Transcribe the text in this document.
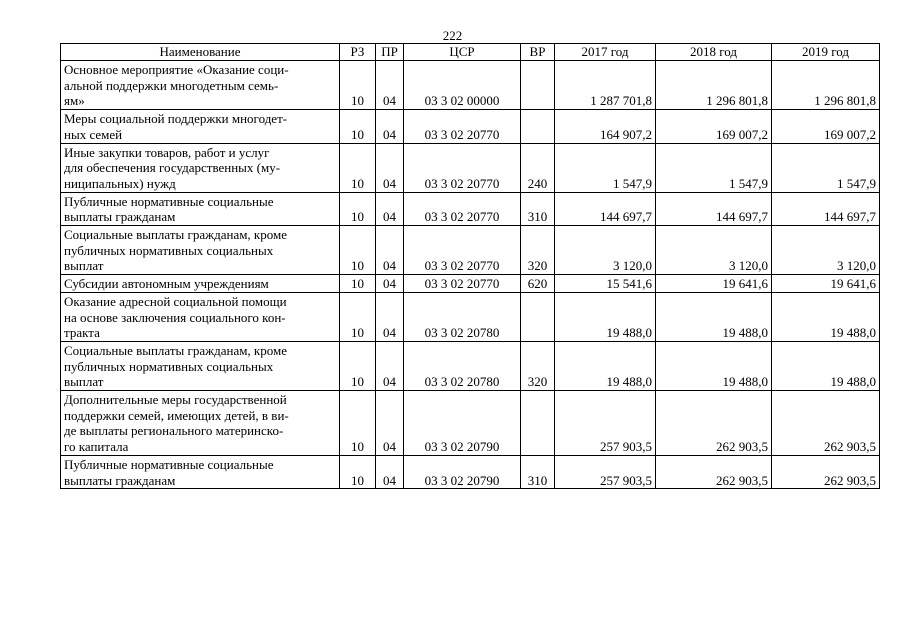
222
Наименование	РЗ	ПР	ЦСР	ВР	2017 год	2018 год	2019 год
Основное мероприятие «Оказание соци-
альной поддержки многодетным семь-
ям»	10	04	03 3 02 00000		1 287 701,8	1 296 801,8	1 296 801,8
Меры социальной поддержки многодет-
ных семей	10	04	03 3 02 20770		164 907,2	169 007,2	169 007,2
Иные закупки товаров, работ и услуг
для обеспечения государственных (му-
ниципальных) нужд	10	04	03 3 02 20770	240	1 547,9	1 547,9	1 547,9
Публичные нормативные социальные
выплаты гражданам	10	04	03 3 02 20770	310	144 697,7	144 697,7	144 697,7
Социальные выплаты гражданам, кроме
публичных нормативных социальных
выплат	10	04	03 3 02 20770	320	3 120,0	3 120,0	3 120,0
Субсидии автономным учреждениям	10	04	03 3 02 20770	620	15 541,6	19 641,6	19 641,6
Оказание адресной социальной помощи
на основе заключения социального кон-
тракта	10	04	03 3 02 20780		19 488,0	19 488,0	19 488,0
Социальные выплаты гражданам, кроме
публичных нормативных социальных
выплат	10	04	03 3 02 20780	320	19 488,0	19 488,0	19 488,0
Дополнительные меры государственной
поддержки семей, имеющих детей, в ви-
де выплаты регионального материнско-
го капитала	10	04	03 3 02 20790		257 903,5	262 903,5	262 903,5
Публичные нормативные социальные
выплаты гражданам	10	04	03 3 02 20790	310	257 903,5	262 903,5	262 903,5
